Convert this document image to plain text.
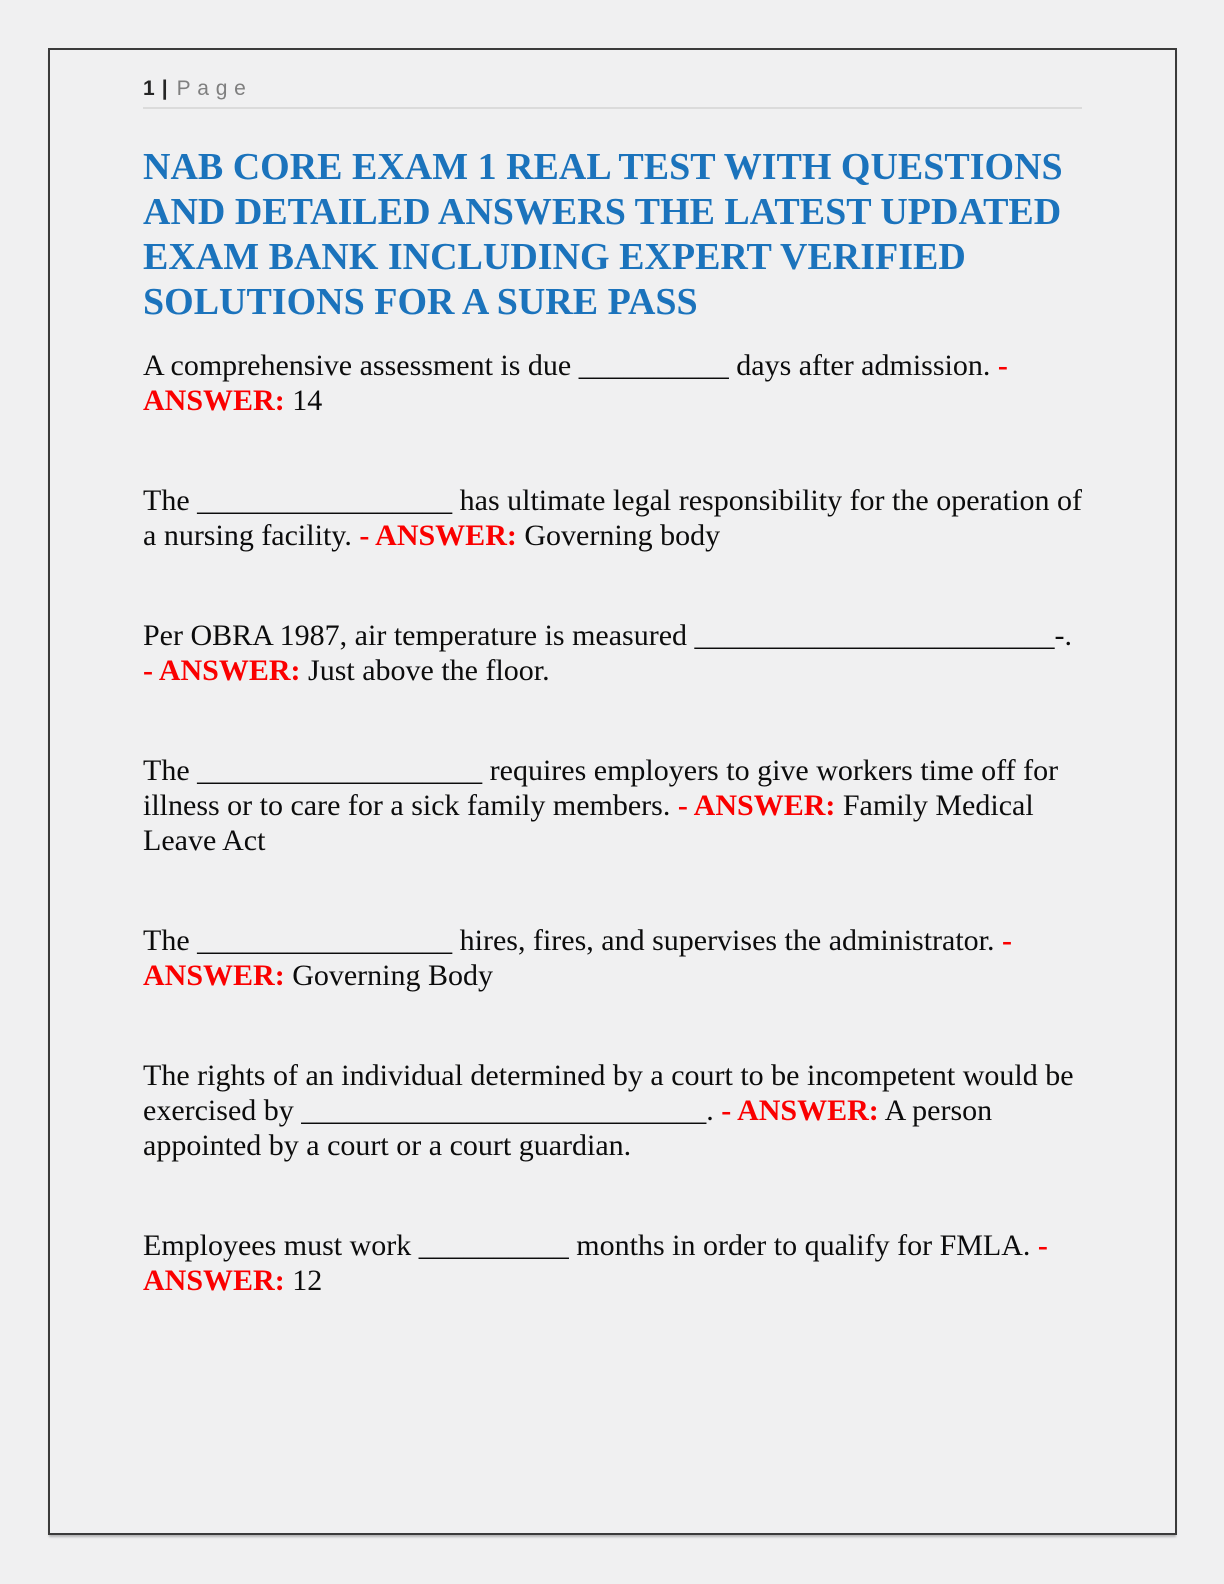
1 | Page
NAB CORE EXAM 1 REAL TEST WITH QUESTIONS AND DETAILED ANSWERS THE LATEST UPDATED EXAM BANK INCLUDING EXPERT VERIFIED SOLUTIONS FOR A SURE PASS

A comprehensive assessment is due __________ days after admission. - ANSWER: 14

The _________________ has ultimate legal responsibility for the operation of a nursing facility. - ANSWER: Governing body

Per OBRA 1987, air temperature is measured ________________________-. - ANSWER: Just above the floor.

The ___________________ requires employers to give workers time off for illness or to care for a sick family members. - ANSWER: Family Medical Leave Act

The _________________ hires, fires, and supervises the administrator. - ANSWER: Governing Body

The rights of an individual determined by a court to be incompetent would be exercised by ___________________________. - ANSWER: A person appointed by a court or a court guardian.

Employees must work __________ months in order to qualify for FMLA. - ANSWER: 12
